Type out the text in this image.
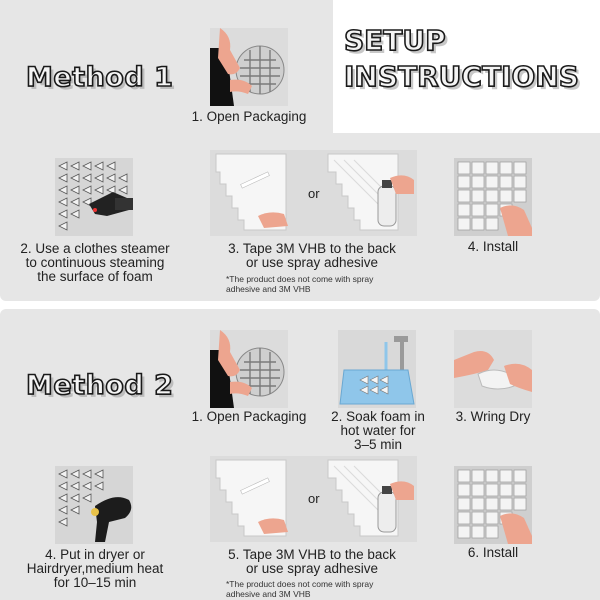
SETUP
INSTRUCTIONS
Method 1
Method 2
1. Open Packaging
2. Use a clothes steamer
to continuous steaming
the surface of foam
or
3. Tape 3M VHB to the back
or use spray adhesive
*The product does not come with spray
adhesive and 3M VHB
4. Install
1. Open Packaging	2. Soak foam in
hot water for
3–5 min
3. Wring Dry
4. Put in dryer or
Hairdryer,medium heat
for 10–15 min
or
5. Tape 3M VHB to the back
or use spray adhesive
*The product does not come with spray
adhesive and 3M VHB
6. Install
